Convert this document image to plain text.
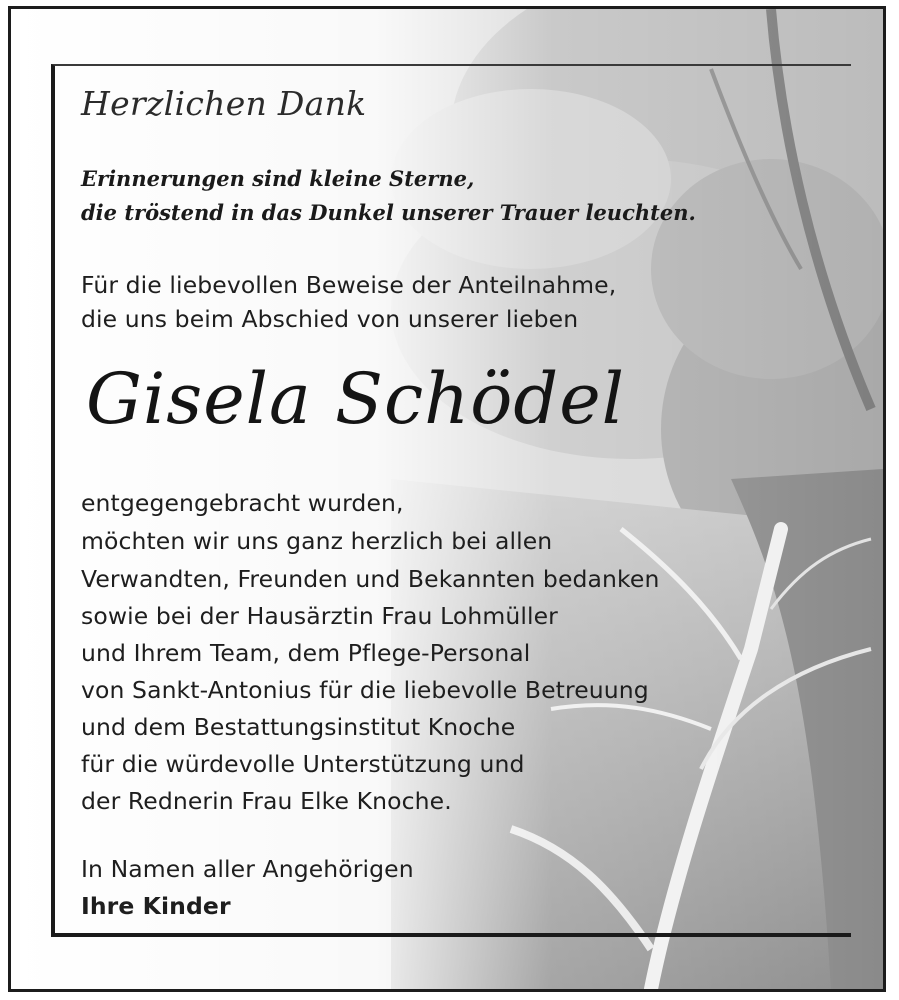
Herzlichen Dank
Erinnerungen sind kleine Sterne,
die tröstend in das Dunkel unserer Trauer leuchten.
Für die liebevollen Beweise der Anteilnahme,
die uns beim Abschied von unserer lieben
Gisela Schödel
entgegengebracht wurden,
möchten wir uns ganz herzlich bei allen
Verwandten, Freunden und Bekannten bedanken
sowie bei der Hausärztin Frau Lohmüller
und Ihrem Team, dem Pflege-Personal
von Sankt-Antonius für die liebevolle Betreuung
und dem Bestattungsinstitut Knoche
für die würdevolle Unterstützung und
der Rednerin Frau Elke Knoche.
In Namen aller Angehörigen
Ihre Kinder
